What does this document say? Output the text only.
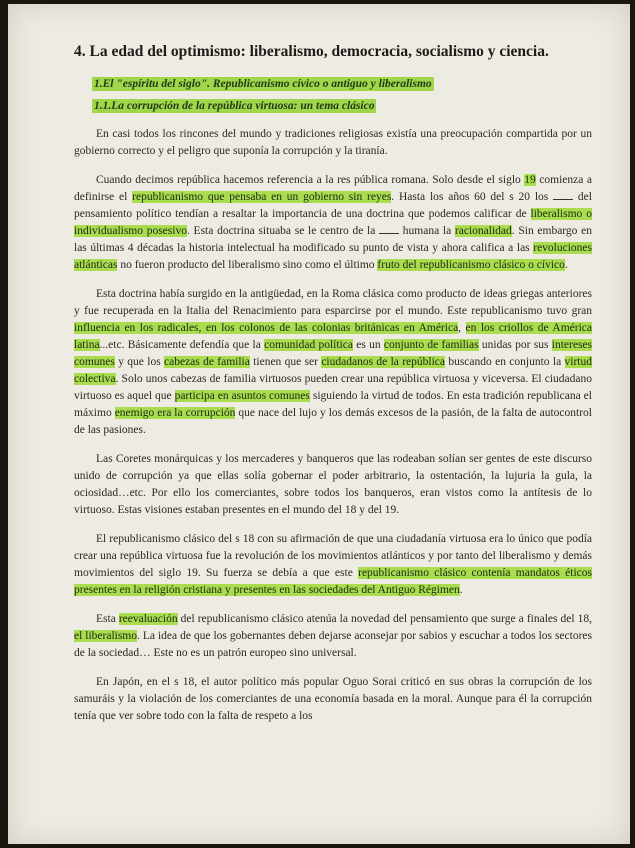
4. La edad del optimismo: liberalismo, democracia, socialismo y ciencia.
1.El "espíritu del siglo". Republicanismo cívico o antiguo y liberalismo
1.1.La corrupción de la república virtuosa: un tema clásico

En casi todos los rincones del mundo y tradiciones religiosas existía una preocupación compartida por un gobierno correcto y el peligro que suponía la corrupción y la tiranía.

Cuando decimos república hacemos referencia a la res pública romana. Solo desde el siglo 19 comienza a definirse el republicanismo que pensaba en un gobierno sin reyes. Hasta los años 60 del s 20 los  del pensamiento político tendían a resaltar la importancia de una doctrina que podemos calificar de liberalismo o individualismo posesivo. Esta doctrina situaba se le centro de la  humana la racionalidad. Sin embargo en las últimas 4 décadas la historia intelectual ha modificado su punto de vista y ahora califica a las revoluciones atlánticas no fueron producto del liberalismo sino como el último fruto del republicanismo clásico o cívico.

Esta doctrina había surgido en la antigüedad, en la Roma clásica como producto de ideas griegas anteriores y fue recuperada en la Italia del Renacimiento para esparcirse por el mundo. Este republicanismo tuvo gran influencia en los radicales, en los colonos de las colonias británicas en América, en los criollos de América latina...etc. Básicamente defendía que la comunidad política es un conjunto de familias unidas por sus intereses comunes y que los cabezas de familia tienen que ser ciudadanos de la república buscando en conjunto la virtud colectiva. Solo unos cabezas de familia virtuosos pueden crear una república virtuosa y viceversa. El ciudadano virtuoso es aquel que participa en asuntos comunes siguiendo la virtud de todos. En esta tradición republicana el máximo enemigo era la corrupción que nace del lujo y los demás excesos de la pasión, de la falta de autocontrol de las pasiones.

Las Coretes monárquicas y los mercaderes y banqueros que las rodeaban solían ser gentes de este discurso unido de corrupción ya que ellas solía gobernar el poder arbitrario, la ostentación, la lujuria la gula, la ociosidad…etc. Por ello los comerciantes, sobre todos los banqueros, eran vistos como la antítesis de lo virtuoso. Estas visiones estaban presentes en el mundo del 18 y del 19.

El republicanismo clásico del s 18 con su afirmación de que una ciudadanía virtuosa era lo único que podía crear una república virtuosa fue la revolución de los movimientos atlánticos y por tanto del liberalismo y demás movimientos del siglo 19. Su fuerza se debía a que este republicanismo clásico contenía mandatos éticos presentes en la religión cristiana y presentes en las sociedades del Antiguo Régimen.

Esta reevaluación del republicanismo clásico atenúa la novedad del pensamiento que surge a finales del 18, el liberalismo. La idea de que los gobernantes deben dejarse aconsejar por sabios y escuchar a todos los sectores de la sociedad… Este no es un patrón europeo sino universal.

En Japón, en el s 18, el autor político más popular Oguo Sorai criticó en sus obras la corrupción de los samuráis y la violación de los comerciantes de una economía basada en la moral. Aunque para él la corrupción tenía que ver sobre todo con la falta de respeto a los
